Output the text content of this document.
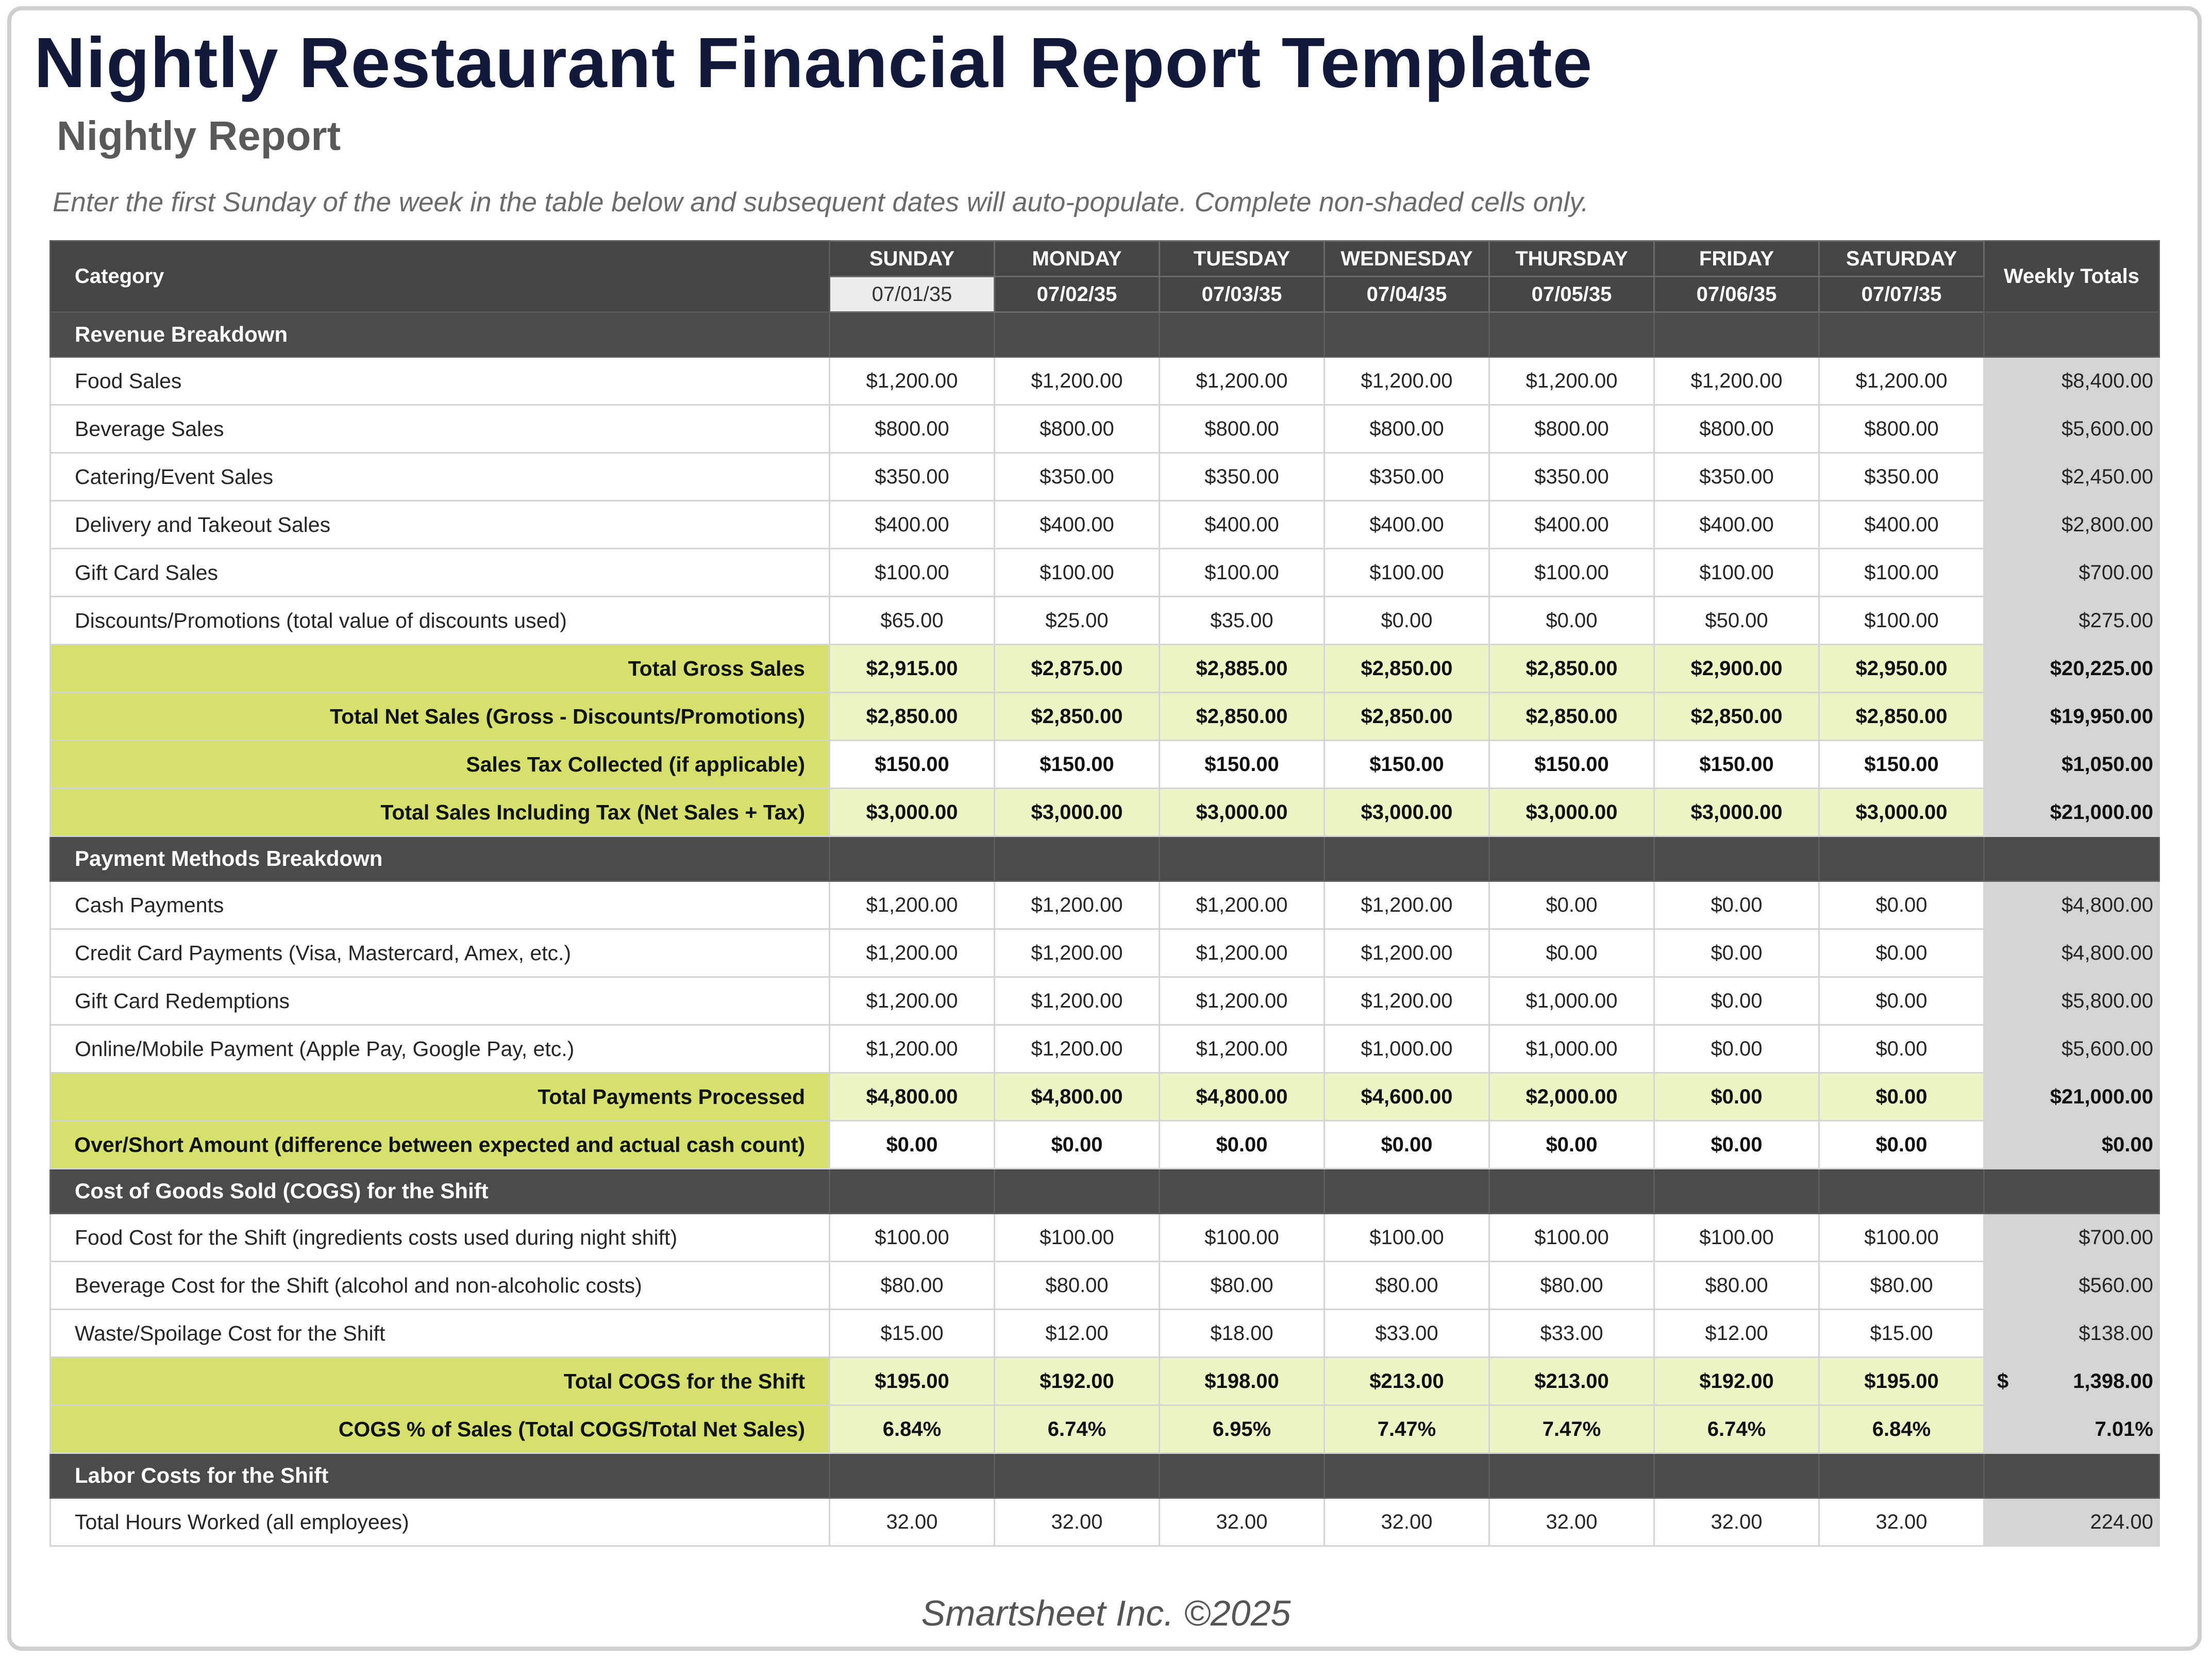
Nightly Restaurant Financial Report Template
Nightly Report

Enter the first Sunday of the week in the table below and subsequent dates will auto-populate. Complete non-shaded cells only.

Category	SUNDAY	MONDAY	TUESDAY	WEDNESDAY	THURSDAY	FRIDAY	SATURDAY	Weekly Totals
	07/01/35	07/02/35	07/03/35	07/04/35	07/05/35	07/06/35	07/07/35	
Revenue Breakdown								
Food Sales	$1,200.00	$1,200.00	$1,200.00	$1,200.00	$1,200.00	$1,200.00	$1,200.00	$8,400.00
Beverage Sales	$800.00	$800.00	$800.00	$800.00	$800.00	$800.00	$800.00	$5,600.00
Catering/Event Sales	$350.00	$350.00	$350.00	$350.00	$350.00	$350.00	$350.00	$2,450.00
Delivery and Takeout Sales	$400.00	$400.00	$400.00	$400.00	$400.00	$400.00	$400.00	$2,800.00
Gift Card Sales	$100.00	$100.00	$100.00	$100.00	$100.00	$100.00	$100.00	$700.00
Discounts/Promotions (total value of discounts used)	$65.00	$25.00	$35.00	$0.00	$0.00	$50.00	$100.00	$275.00
Total Gross Sales	$2,915.00	$2,875.00	$2,885.00	$2,850.00	$2,850.00	$2,900.00	$2,950.00	$20,225.00
Total Net Sales (Gross - Discounts/Promotions)	$2,850.00	$2,850.00	$2,850.00	$2,850.00	$2,850.00	$2,850.00	$2,850.00	$19,950.00
Sales Tax Collected (if applicable)	$150.00	$150.00	$150.00	$150.00	$150.00	$150.00	$150.00	$1,050.00
Total Sales Including Tax (Net Sales + Tax)	$3,000.00	$3,000.00	$3,000.00	$3,000.00	$3,000.00	$3,000.00	$3,000.00	$21,000.00
Payment Methods Breakdown								
Cash Payments	$1,200.00	$1,200.00	$1,200.00	$1,200.00	$0.00	$0.00	$0.00	$4,800.00
Credit Card Payments (Visa, Mastercard, Amex, etc.)	$1,200.00	$1,200.00	$1,200.00	$1,200.00	$0.00	$0.00	$0.00	$4,800.00
Gift Card Redemptions	$1,200.00	$1,200.00	$1,200.00	$1,200.00	$1,000.00	$0.00	$0.00	$5,800.00
Online/Mobile Payment (Apple Pay, Google Pay, etc.)	$1,200.00	$1,200.00	$1,200.00	$1,000.00	$1,000.00	$0.00	$0.00	$5,600.00
Total Payments Processed	$4,800.00	$4,800.00	$4,800.00	$4,600.00	$2,000.00	$0.00	$0.00	$21,000.00
Over/Short Amount (difference between expected and actual cash count)	$0.00	$0.00	$0.00	$0.00	$0.00	$0.00	$0.00	$0.00
Cost of Goods Sold (COGS) for the Shift								
Food Cost for the Shift (ingredients costs used during night shift)	$100.00	$100.00	$100.00	$100.00	$100.00	$100.00	$100.00	$700.00
Beverage Cost for the Shift (alcohol and non-alcoholic costs)	$80.00	$80.00	$80.00	$80.00	$80.00	$80.00	$80.00	$560.00
Waste/Spoilage Cost for the Shift	$15.00	$12.00	$18.00	$33.00	$33.00	$12.00	$15.00	$138.00
Total COGS for the Shift	$195.00	$192.00	$198.00	$213.00	$213.00	$192.00	$195.00	$ 1,398.00
COGS % of Sales (Total COGS/Total Net Sales)	6.84%	6.74%	6.95%	7.47%	7.47%	6.74%	6.84%	7.01%
Labor Costs for the Shift								
Total Hours Worked (all employees)	32.00	32.00	32.00	32.00	32.00	32.00	32.00	224.00
Smartsheet Inc. ©2025
